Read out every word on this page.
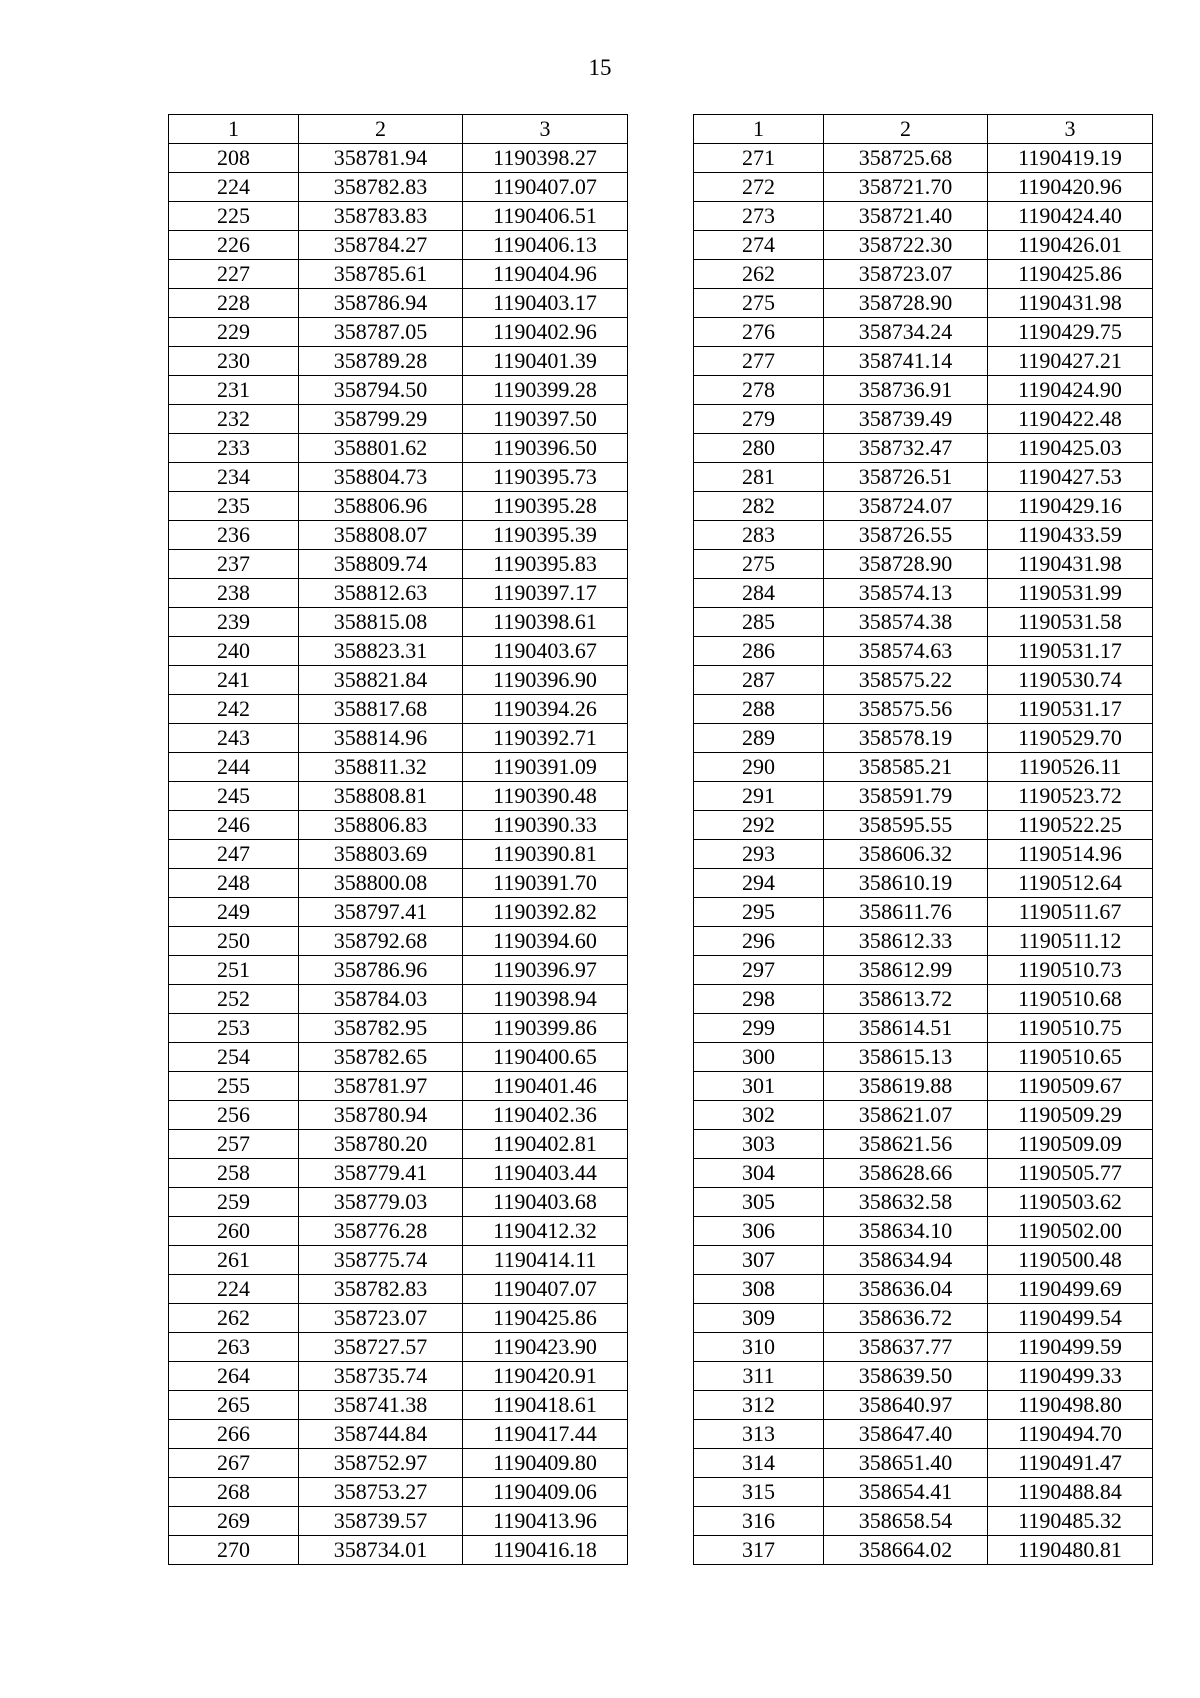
15
1	2	3
208	358781.94	1190398.27
224	358782.83	1190407.07
225	358783.83	1190406.51
226	358784.27	1190406.13
227	358785.61	1190404.96
228	358786.94	1190403.17
229	358787.05	1190402.96
230	358789.28	1190401.39
231	358794.50	1190399.28
232	358799.29	1190397.50
233	358801.62	1190396.50
234	358804.73	1190395.73
235	358806.96	1190395.28
236	358808.07	1190395.39
237	358809.74	1190395.83
238	358812.63	1190397.17
239	358815.08	1190398.61
240	358823.31	1190403.67
241	358821.84	1190396.90
242	358817.68	1190394.26
243	358814.96	1190392.71
244	358811.32	1190391.09
245	358808.81	1190390.48
246	358806.83	1190390.33
247	358803.69	1190390.81
248	358800.08	1190391.70
249	358797.41	1190392.82
250	358792.68	1190394.60
251	358786.96	1190396.97
252	358784.03	1190398.94
253	358782.95	1190399.86
254	358782.65	1190400.65
255	358781.97	1190401.46
256	358780.94	1190402.36
257	358780.20	1190402.81
258	358779.41	1190403.44
259	358779.03	1190403.68
260	358776.28	1190412.32
261	358775.74	1190414.11
224	358782.83	1190407.07
262	358723.07	1190425.86
263	358727.57	1190423.90
264	358735.74	1190420.91
265	358741.38	1190418.61
266	358744.84	1190417.44
267	358752.97	1190409.80
268	358753.27	1190409.06
269	358739.57	1190413.96
270	358734.01	1190416.18
1	2	3
271	358725.68	1190419.19
272	358721.70	1190420.96
273	358721.40	1190424.40
274	358722.30	1190426.01
262	358723.07	1190425.86
275	358728.90	1190431.98
276	358734.24	1190429.75
277	358741.14	1190427.21
278	358736.91	1190424.90
279	358739.49	1190422.48
280	358732.47	1190425.03
281	358726.51	1190427.53
282	358724.07	1190429.16
283	358726.55	1190433.59
275	358728.90	1190431.98
284	358574.13	1190531.99
285	358574.38	1190531.58
286	358574.63	1190531.17
287	358575.22	1190530.74
288	358575.56	1190531.17
289	358578.19	1190529.70
290	358585.21	1190526.11
291	358591.79	1190523.72
292	358595.55	1190522.25
293	358606.32	1190514.96
294	358610.19	1190512.64
295	358611.76	1190511.67
296	358612.33	1190511.12
297	358612.99	1190510.73
298	358613.72	1190510.68
299	358614.51	1190510.75
300	358615.13	1190510.65
301	358619.88	1190509.67
302	358621.07	1190509.29
303	358621.56	1190509.09
304	358628.66	1190505.77
305	358632.58	1190503.62
306	358634.10	1190502.00
307	358634.94	1190500.48
308	358636.04	1190499.69
309	358636.72	1190499.54
310	358637.77	1190499.59
311	358639.50	1190499.33
312	358640.97	1190498.80
313	358647.40	1190494.70
314	358651.40	1190491.47
315	358654.41	1190488.84
316	358658.54	1190485.32
317	358664.02	1190480.81
